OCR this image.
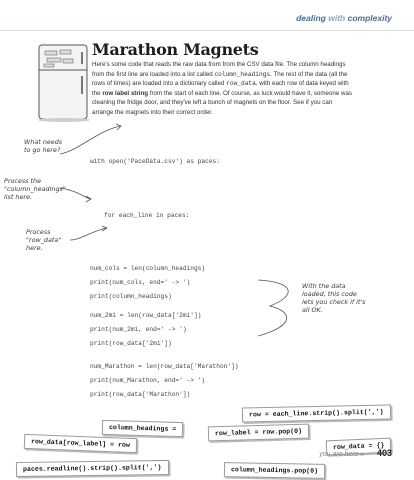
dealing with complexity
Marathon Magnets
Here's some code that reads the raw data from from the CSV data file. The column headings from the first line are loaded into a list called column_headings. The rest of the data (all the rows of times) are loaded into a dictionary called row_data, with each row of data keyed with the row label string from the start of each line. Of course, as luck would have it, someone was cleaning the fridge door, and they've left a bunch of magnets on the floor. See if you can arrange the magnets into their correct order.
What needs
to go here?
Process the
"column_headings"
list here.
Process
"row_data"
here.
With the data
loaded, this code
lets you check if it's
all OK.
with open('PaceData.csv') as paces:
for each_line in paces:
num_cols = len(column_headings)
print(num_cols, end=' -> ')
print(column_headings)
num_2mi = len(row_data['2mi'])
print(num_2mi, end=' -> ')
print(row_data['2mi'])
num_Marathon = len(row_data['Marathon'])
print(num_Marathon, end=' -> ')
print(row_data['Marathon'])
row = each_line.strip().split(',')
column_headings =	row_label = row.pop(0)
row_data[row_label] = row	row_data = {}
paces.readline().strip().split(',')	column_headings.pop(0)
you are here ▸ 403
